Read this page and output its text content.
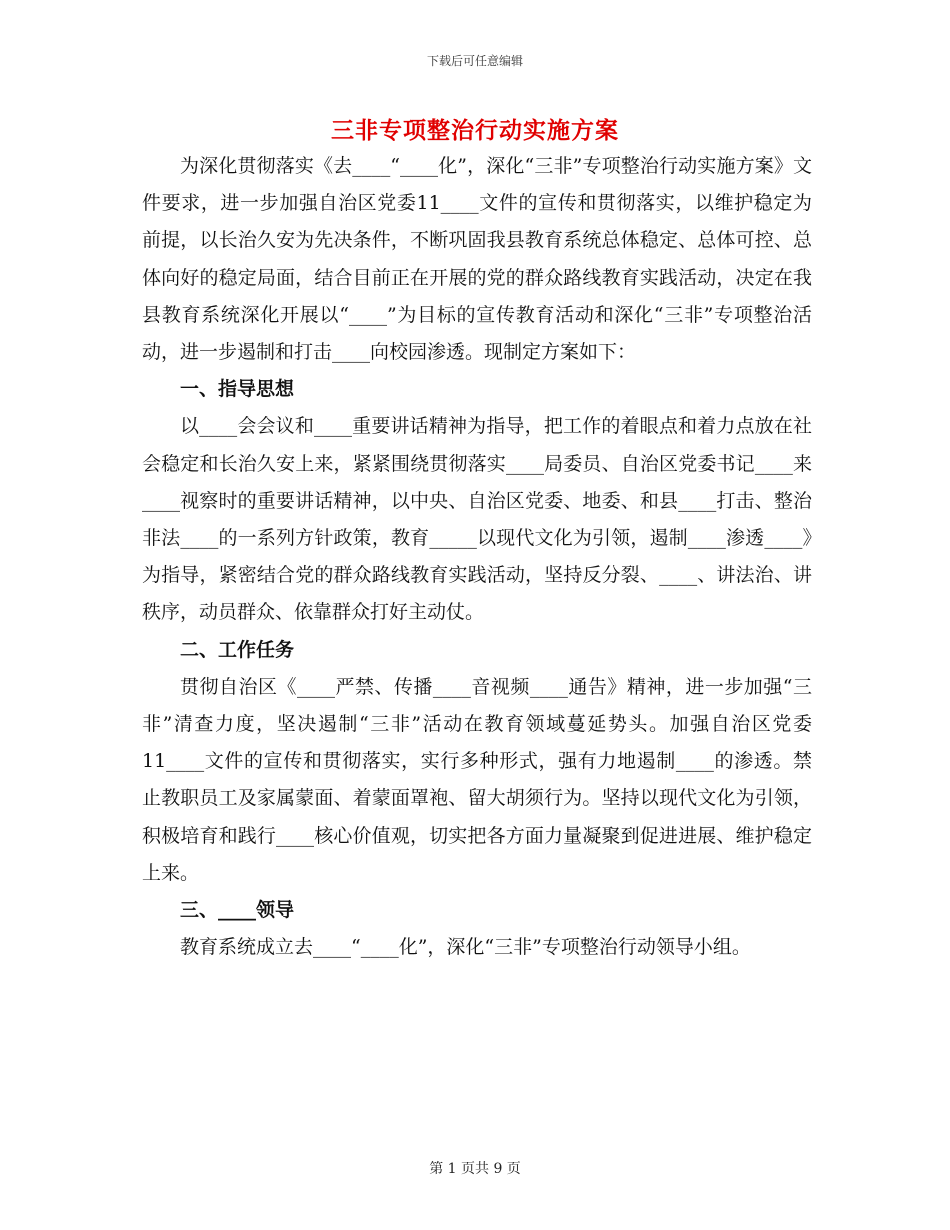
下载后可任意编辑
三非专项整治行动实施方案

为深化贯彻落实《去____“____化”，深化“三非”专项整治行动实施方案》文件要求，进一步加强自治区党委11____文件的宣传和贯彻落实，以维护稳定为前提，以长治久安为先决条件，不断巩固我县教育系统总体稳定、总体可控、总体向好的稳定局面，结合目前正在开展的党的群众路线教育实践活动，决定在我县教育系统深化开展以“____”为目标的宣传教育活动和深化“三非”专项整治活动，进一步遏制和打击____向校园渗透。现制定方案如下：

一、指导思想

以____会会议和____重要讲话精神为指导，把工作的着眼点和着力点放在社会稳定和长治久安上来，紧紧围绕贯彻落实____局委员、自治区党委书记____来____视察时的重要讲话精神，以中央、自治区党委、地委、和县____打击、整治非法____的一系列方针政策，教育_____以现代文化为引领，遏制____渗透____》为指导，紧密结合党的群众路线教育实践活动，坚持反分裂、____、讲法治、讲秩序，动员群众、依靠群众打好主动仗。

二、工作任务

贯彻自治区《____严禁、传播____音视频____通告》精神，进一步加强“三非”清查力度，坚决遏制“三非”活动在教育领域蔓延势头。加强自治区党委11____文件的宣传和贯彻落实，实行多种形式，强有力地遏制____的渗透。禁止教职员工及家属蒙面、着蒙面罩袍、留大胡须行为。坚持以现代文化为引领，积极培育和践行____核心价值观，切实把各方面力量凝聚到促进进展、维护稳定上来。

三、____领导

教育系统成立去____“____化”，深化“三非”专项整治行动领导小组。

第 1 页共 9 页
